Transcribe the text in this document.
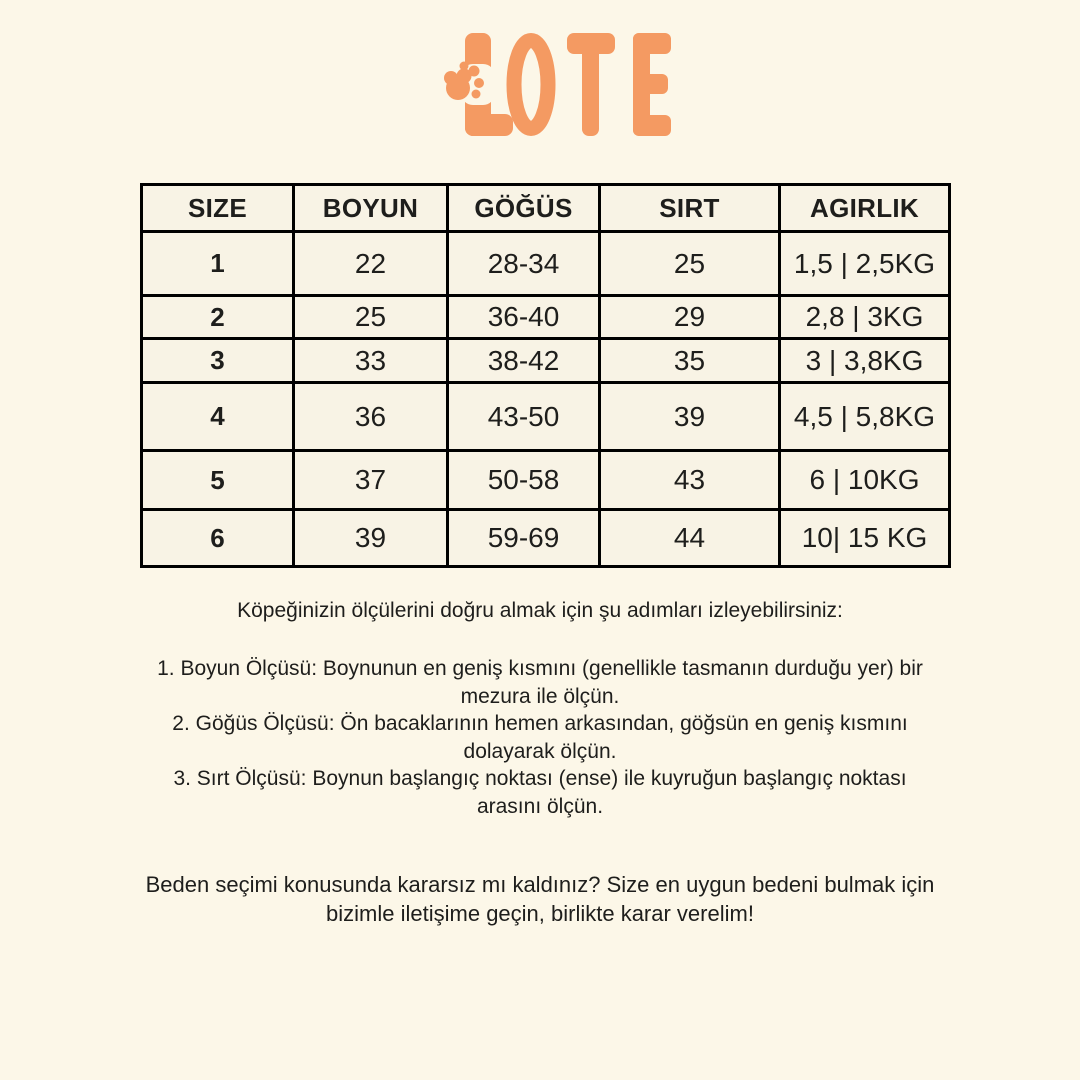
SIZE	BOYUN	GÖĞÜS	SIRT	AGIRLIK
1	22	28-34	25	1,5 | 2,5KG
2	25	36-40	29	2,8 | 3KG
3	33	38-42	35	3 | 3,8KG
4	36	43-50	39	4,5 | 5,8KG
5	37	50-58	43	6 | 10KG
6	39	59-69	44	10| 15 KG
Köpeğinizin ölçülerini doğru almak için şu adımları izleyebilirsiniz:
1. Boyun Ölçüsü: Boynunun en geniş kısmını (genellikle tasmanın durduğu yer) bir
mezura ile ölçün.
2. Göğüs Ölçüsü: Ön bacaklarının hemen arkasından, göğsün en geniş kısmını
dolayarak ölçün.
3. Sırt Ölçüsü: Boynun başlangıç noktası (ense) ile kuyruğun başlangıç noktası
arasını ölçün.
Beden seçimi konusunda kararsız mı kaldınız? Size en uygun bedeni bulmak için
bizimle iletişime geçin, birlikte karar verelim!
